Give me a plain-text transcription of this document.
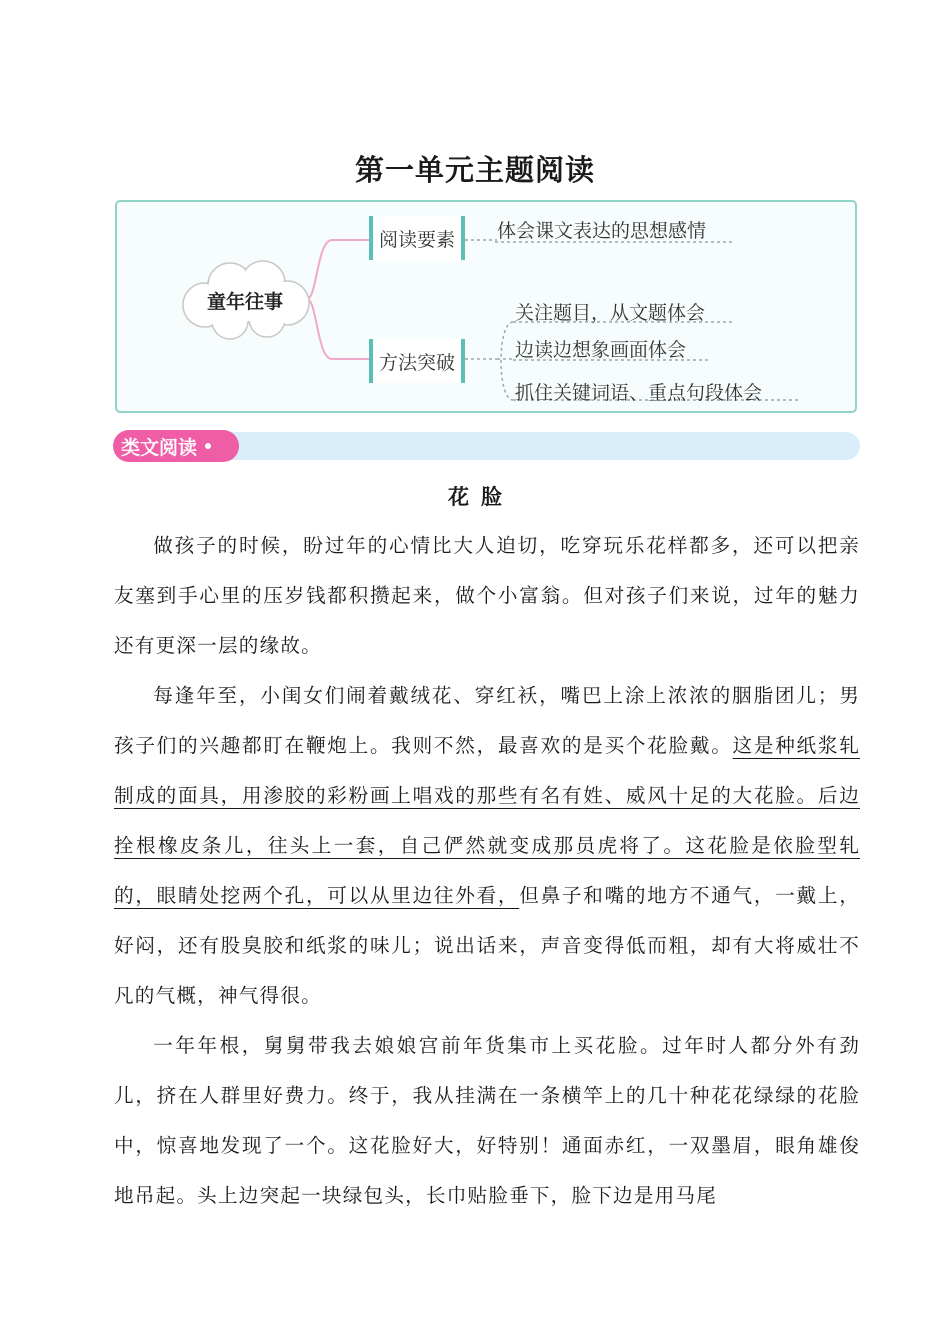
第一单元主题阅读
童年往事
阅读要素
方法突破
体会课文表达的思想感情
关注题目，从文题体会
边读边想象画面体会
抓住关键词语、重点句段体会
类文阅读
花脸

做孩子的时候，盼过年的心情比大人迫切，吃穿玩乐花样都多，还可以把亲友塞到手心里的压岁钱都积攒起来，做个小富翁。但对孩子们来说，过年的魅力还有更深一层的缘故。

每逢年至，小闺女们闹着戴绒花、穿红袄，嘴巴上涂上浓浓的胭脂团儿；男孩子们的兴趣都盯在鞭炮上。我则不然，最喜欢的是买个花脸戴。这是种纸浆轧制成的面具，用渗胶的彩粉画上唱戏的那些有名有姓、威风十足的大花脸。后边拴根橡皮条儿，往头上一套，自己俨然就变成那员虎将了。这花脸是依脸型轧的，眼睛处挖两个孔，可以从里边往外看，但鼻子和嘴的地方不通气，一戴上，好闷，还有股臭胶和纸浆的味儿；说出话来，声音变得低而粗，却有大将威壮不凡的气概，神气得很。

一年年根，舅舅带我去娘娘宫前年货集市上买花脸。过年时人都分外有劲儿，挤在人群里好费力。终于，我从挂满在一条横竿上的几十种花花绿绿的花脸中，惊喜地发现了一个。这花脸好大，好特别！通面赤红，一双墨眉，眼角雄俊地吊起。头上边突起一块绿包头，长巾贴脸垂下，脸下边是用马尾
